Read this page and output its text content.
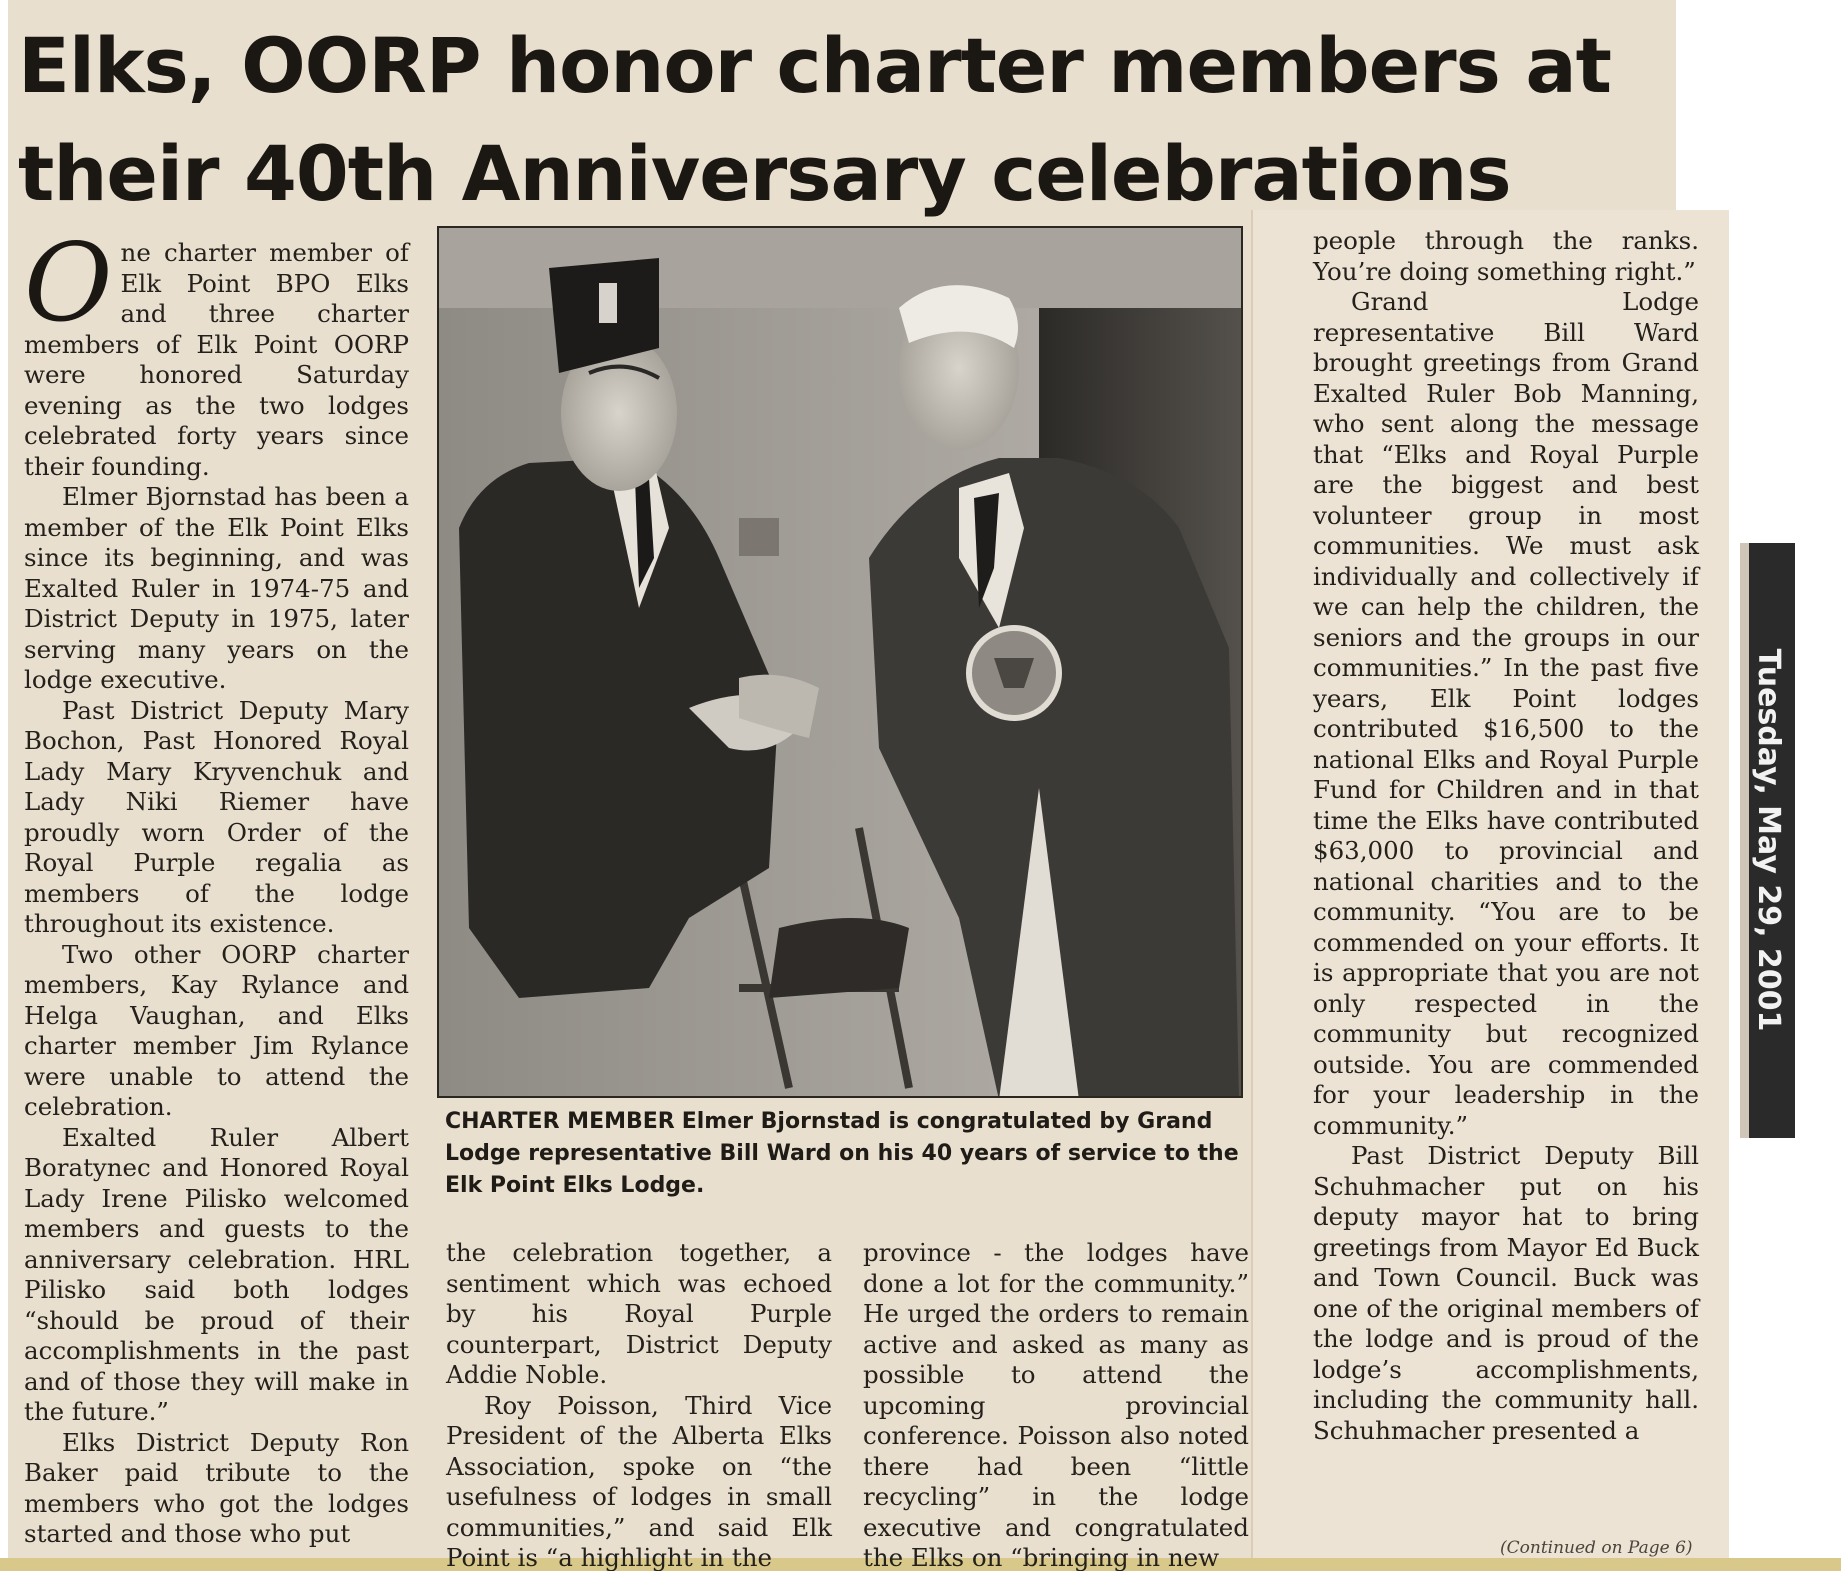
Elks, OORP honor charter members at
their 40th Anniversary celebrations

One charter member of Elk Point BPO Elks and three charter members of Elk Point OORP were honored Saturday evening as the two lodges celebrated forty years since their founding.

Elmer Bjornstad has been a member of the Elk Point Elks since its beginning, and was Exalted Ruler in 1974-75 and District Deputy in 1975, later serving many years on the lodge executive.

Past District Deputy Mary Bochon, Past Honored Royal Lady Mary Kryvenchuk and Lady Niki Riemer have proudly worn Order of the Royal Purple regalia as members of the lodge throughout its existence.

Two other OORP charter members, Kay Rylance and Helga Vaughan, and Elks charter member Jim Rylance were unable to attend the celebration.

Exalted Ruler Albert Boratynec and Honored Royal Lady Irene Pilisko welcomed members and guests to the anniversary celebration. HRL Pilisko said both lodges “should be proud of their accomplishments in the past and of those they will make in the future.”

Elks District Deputy Ron Baker paid tribute to the members who got the lodges started and those who put

CHARTER MEMBER Elmer Bjornstad is congratulated by Grand Lodge representative Bill Ward on his 40 years of service to the Elk Point Elks Lodge.

the celebration together, a sentiment which was echoed by his Royal Purple counterpart, District Deputy Addie Noble.

Roy Poisson, Third Vice President of the Alberta Elks Association, spoke on “the usefulness of lodges in small communities,” and said Elk Point is “a highlight in the

province - the lodges have done a lot for the community.” He urged the orders to remain active and asked as many as possible to attend the upcoming provincial conference. Poisson also noted there had been “little recycling” in the lodge executive and congratulated the Elks on “bringing in new

people through the ranks. You’re doing something right.”

Grand Lodge representative Bill Ward brought greetings from Grand Exalted Ruler Bob Manning, who sent along the message that “Elks and Royal Purple are the biggest and best volunteer group in most communities. We must ask individually and collectively if we can help the children, the seniors and the groups in our communities.” In the past five years, Elk Point lodges contributed $16,500 to the national Elks and Royal Purple Fund for Children and in that time the Elks have contributed $63,000 to provincial and national charities and to the community. “You are to be commended on your efforts. It is appropriate that you are not only respected in the community but recognized outside. You are commended for your leadership in the community.”

Past District Deputy Bill Schuhmacher put on his deputy mayor hat to bring greetings from Mayor Ed Buck and Town Council. Buck was one of the original members of the lodge and is proud of the lodge’s accomplishments, including the community hall. Schuhmacher presented a

(Continued on Page 6)
Tuesday, May 29, 2001
